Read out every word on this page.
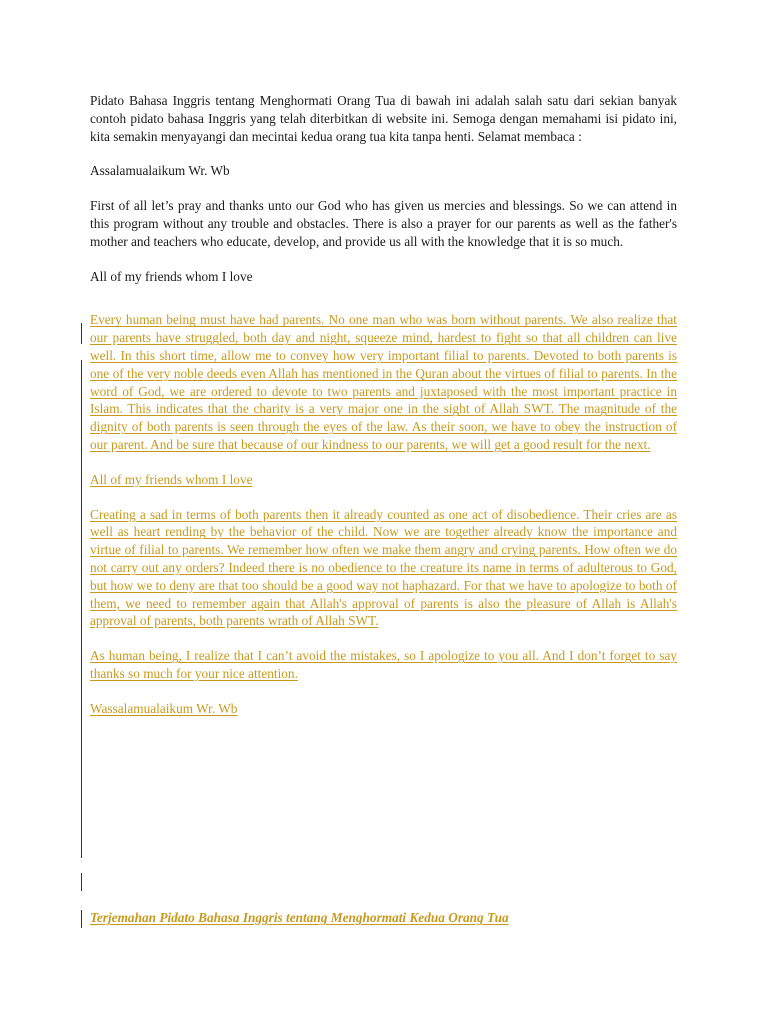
Pidato Bahasa Inggris tentang Menghormati Orang Tua di bawah ini adalah salah satu dari sekian banyak contoh pidato bahasa Inggris yang telah diterbitkan di website ini. Semoga dengan memahami isi pidato ini, kita semakin menyayangi dan mecintai kedua orang tua kita tanpa henti. Selamat membaca :

Assalamualaikum Wr. Wb

First of all let’s pray and thanks unto our God who has given us mercies and blessings. So we can attend in this program without any trouble and obstacles. There is also a prayer for our parents as well as the father's mother and teachers who educate, develop, and provide us all with the knowledge that it is so much.

All of my friends whom I love

Every human being must have had parents. No one man who was born without parents. We also realize that our parents have struggled, both day and night, squeeze mind, hardest to fight so that all children can live well. In this short time, allow me to convey how very important filial to parents. Devoted to both parents is one of the very noble deeds even Allah has mentioned in the Quran about the virtues of filial to parents. In the word of God, we are ordered to devote to two parents and juxtaposed with the most important practice in Islam. This indicates that the charity is a very major one in the sight of Allah SWT. The magnitude of the dignity of both parents is seen through the eyes of the law. As their soon, we have to obey the instruction of our parent. And be sure that because of our kindness to our parents, we will get a good result for the next.

All of my friends whom I love

Creating a sad in terms of both parents then it already counted as one act of disobedience. Their cries are as well as heart rending by the behavior of the child. Now we are together already know the importance and virtue of filial to parents. We remember how often we make them angry and crying parents. How often we do not carry out any orders? Indeed there is no obedience to the creature its name in terms of adulterous to God, but how we to deny are that too should be a good way not haphazard. For that we have to apologize to both of them, we need to remember again that Allah's approval of parents is also the pleasure of Allah is Allah's approval of parents, both parents wrath of Allah SWT.

As human being, I realize that I can’t avoid the mistakes, so I apologize to you all. And I don’t forget to say thanks so much for your nice attention.

Wassalamualaikum Wr. Wb

Terjemahan Pidato Bahasa Inggris tentang Menghormati Kedua Orang Tua
